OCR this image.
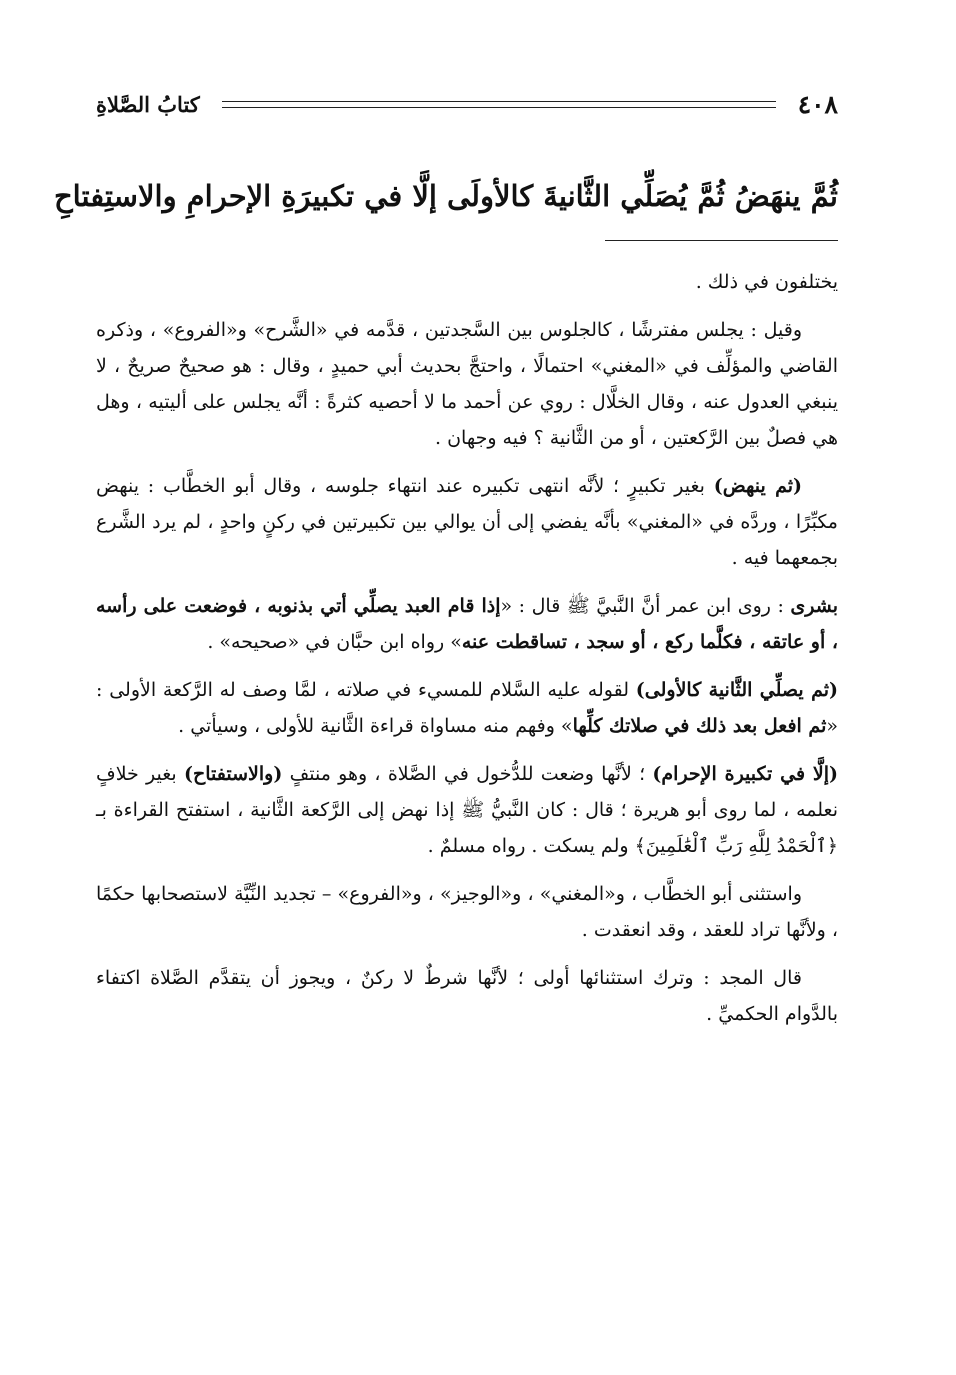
٤٠٨
كتابُ الصَّلاةِ
ثُمَّ ينهَضُ ثُمَّ يُصَلِّي الثَّانيةَ كالأولَى إلَّا في تكبيرَةِ الإحرامِ والاستِفتاحِ

يختلفون في ذلك .

وقيل : يجلس مفترشًا ، كالجلوس بين السَّجدتين ، قدَّمه في «الشَّرح» و«الفروع» ، وذكره القاضي والمؤلِّف في «المغني» احتمالًا ، واحتجَّ بحديث أبي حميدٍ ، وقال : هو صحيحٌ صريحٌ ، لا ينبغي العدول عنه ، وقال الخلَّال : روي عن أحمد ما لا أحصيه كثرةً : أنَّه يجلس على أليتيه ، وهل هي فصلٌ بين الرَّكعتين ، أو من الثَّانية ؟ فيه وجهان .

(ثم ينهض) بغير تكبيرٍ ؛ لأنَّه انتهى تكبيره عند انتهاء جلوسه ، وقال أبو الخطَّاب : ينهض مكبِّرًا ، وردَّه في «المغني» بأنَّه يفضي إلى أن يوالي بين تكبيرتين في ركنٍ واحدٍ ، لم يرد الشَّرع بجمعهما فيه .

بشرى : روى ابن عمر أنَّ النَّبيَّ ﷺ قال : «إذا قام العبد يصلِّي أتي بذنوبه ، فوضعت على رأسه ، أو عاتقه ، فكلَّما ركع ، أو سجد ، تساقطت عنه» رواه ابن حبَّان في «صحيحه» .

(ثم يصلِّي الثَّانية كالأولى) لقوله عليه السَّلام للمسيء في صلاته ، لمَّا وصف له الرَّكعة الأولى : «ثم افعل بعد ذلك في صلاتك كلِّها» وفهم منه مساواة قراءة الثَّانية للأولى ، وسيأتي .

(إلَّا في تكبيرة الإحرام) ؛ لأنَّها وضعت للدُّخول في الصَّلاة ، وهو منتفٍ (والاستفتاح) بغير خلافٍ نعلمه ، لما روى أبو هريرة ؛ قال : كان النَّبيُّ ﷺ إذا نهض إلى الرَّكعة الثَّانية ، استفتح القراءة بـ ﴿ٱلْحَمْدُ لِلَّهِ رَبِّ ٱلْعَٰلَمِينَ﴾ ولم يسكت . رواه مسلمٌ .

واستثنى أبو الخطَّاب ، و«المغني» ، و«الوجيز» ، و«الفروع» – تجديد النِّيَّة لاستصحابها حكمًا ، ولأنَّها تراد للعقد ، وقد انعقدت .

قال المجد : وترك استثنائها أولى ؛ لأنَّها شرطٌ لا ركنٌ ، ويجوز أن يتقدَّم الصَّلاة اكتفاء بالدَّوام الحكميِّ .
